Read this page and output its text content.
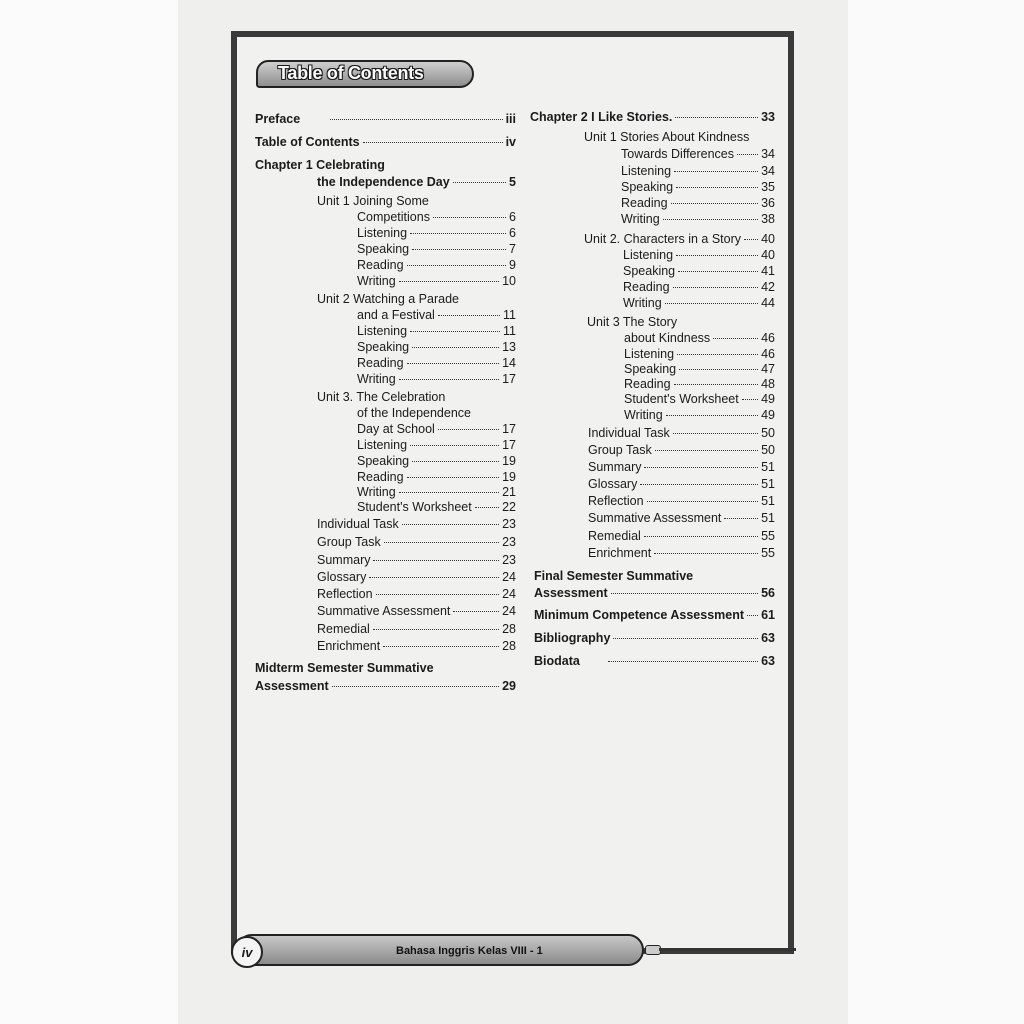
Table of Contents
Preface	iii
Table of Contents	iv
Chapter 1 Celebrating
the Independence Day	5
Unit 1 Joining Some
Competitions	6
Listening	6
Speaking	7
Reading	9
Writing	10
Unit 2 Watching a Parade
and a Festival	11
Listening	11
Speaking	13
Reading	14
Writing	17
Unit 3. The Celebration
of the Independence
Day at School	17
Listening	17
Speaking	19
Reading	19
Writing	21
Student's Worksheet 22
Individual Task	23
Group Task	23
Summary	23
Glossary	24
Reflection	24
Summative Assessment	24
Remedial	28
Enrichment	28
Midterm Semester Summative
Assessment	29
Chapter 2 I Like Stories.	33
Unit 1 Stories About Kindness
Towards Differences 34
Listening	34
Speaking	35
Reading	36
Writing	38
Unit 2. Characters in a Story 40
Listening	40
Speaking	41
Reading	42
Writing	44
Unit 3 The Story
about Kindness	46
Listening	46
Speaking	47
Reading	48
Student's Worksheet 49
Writing	49
Individual Task	50
Group Task	50
Summary	51
Glossary	51
Reflection	51
Summative Assessment	51
Remedial	55
Enrichment	55
Final Semester Summative
Assessment	56
Minimum Competence Assessment 61
Bibliography	63
Biodata	63
iv	Bahasa Inggris Kelas VIII - 1
